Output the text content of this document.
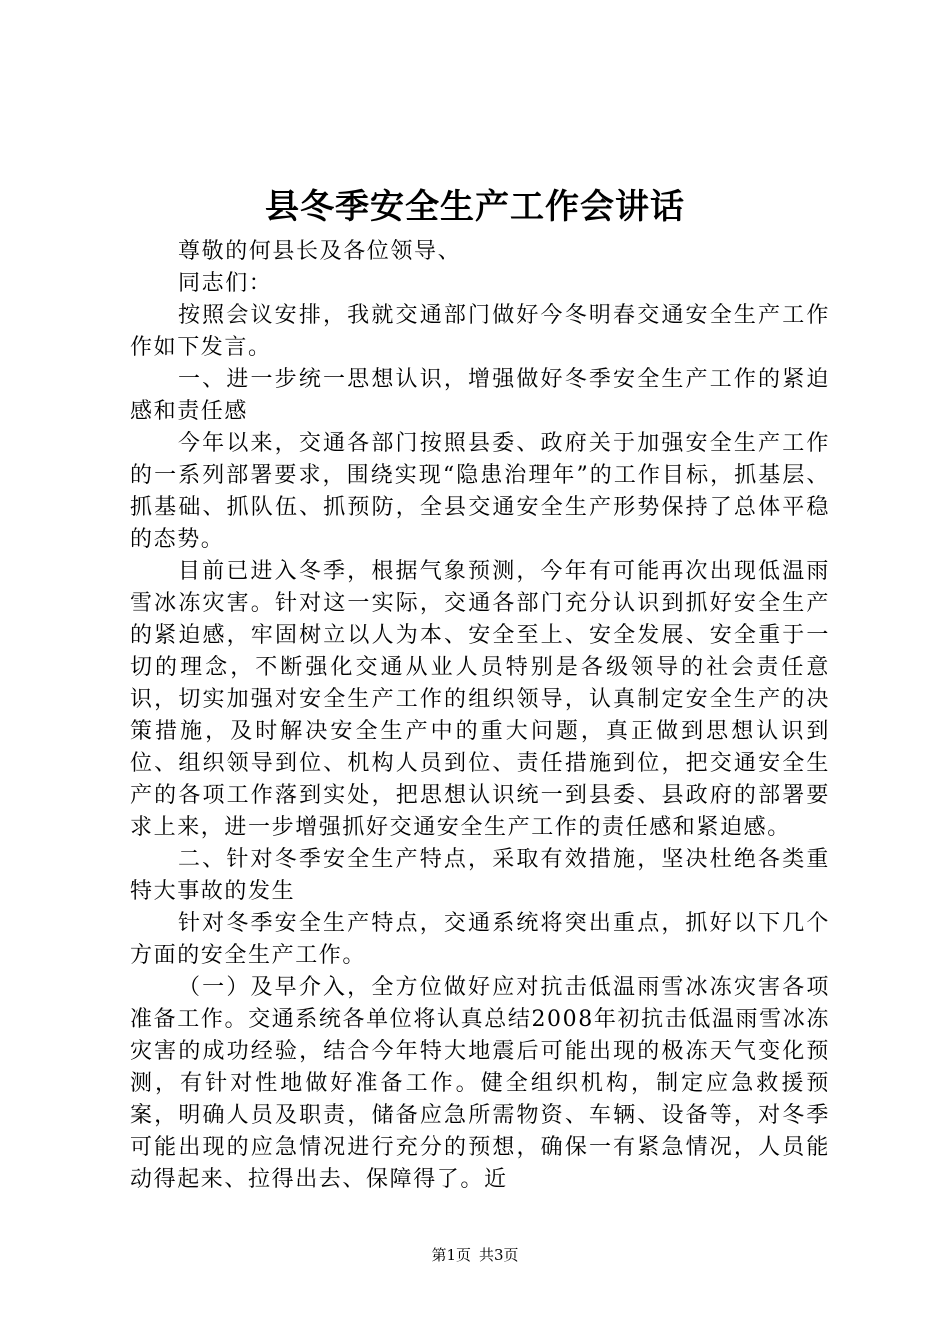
县冬季安全生产工作会讲话

尊敬的何县长及各位领导、

同志们：

按照会议安排，我就交通部门做好今冬明春交通安全生产工作作如下发言。

一、进一步统一思想认识，增强做好冬季安全生产工作的紧迫感和责任感

今年以来，交通各部门按照县委、政府关于加强安全生产工作的一系列部署要求，围绕实现“隐患治理年”的工作目标，抓基层、抓基础、抓队伍、抓预防，全县交通安全生产形势保持了总体平稳的态势。

目前已进入冬季，根据气象预测，今年有可能再次出现低温雨雪冰冻灾害。针对这一实际，交通各部门充分认识到抓好安全生产的紧迫感，牢固树立以人为本、安全至上、安全发展、安全重于一切的理念，不断强化交通从业人员特别是各级领导的社会责任意识，切实加强对安全生产工作的组织领导，认真制定安全生产的决策措施，及时解决安全生产中的重大问题，真正做到思想认识到位、组织领导到位、机构人员到位、责任措施到位，把交通安全生产的各项工作落到实处，把思想认识统一到县委、县政府的部署要求上来，进一步增强抓好交通安全生产工作的责任感和紧迫感。

二、针对冬季安全生产特点，采取有效措施，坚决杜绝各类重特大事故的发生

针对冬季安全生产特点，交通系统将突出重点，抓好以下几个方面的安全生产工作。

（一）及早介入，全方位做好应对抗击低温雨雪冰冻灾害各项准备工作。交通系统各单位将认真总结2008年初抗击低温雨雪冰冻灾害的成功经验，结合今年特大地震后可能出现的极冻天气变化预测，有针对性地做好准备工作。健全组织机构，制定应急救援预案，明确人员及职责，储备应急所需物资、车辆、设备等，对冬季可能出现的应急情况进行充分的预想，确保一有紧急情况，人员能动得起来、拉得出去、保障得了。近

第1页 共3页
